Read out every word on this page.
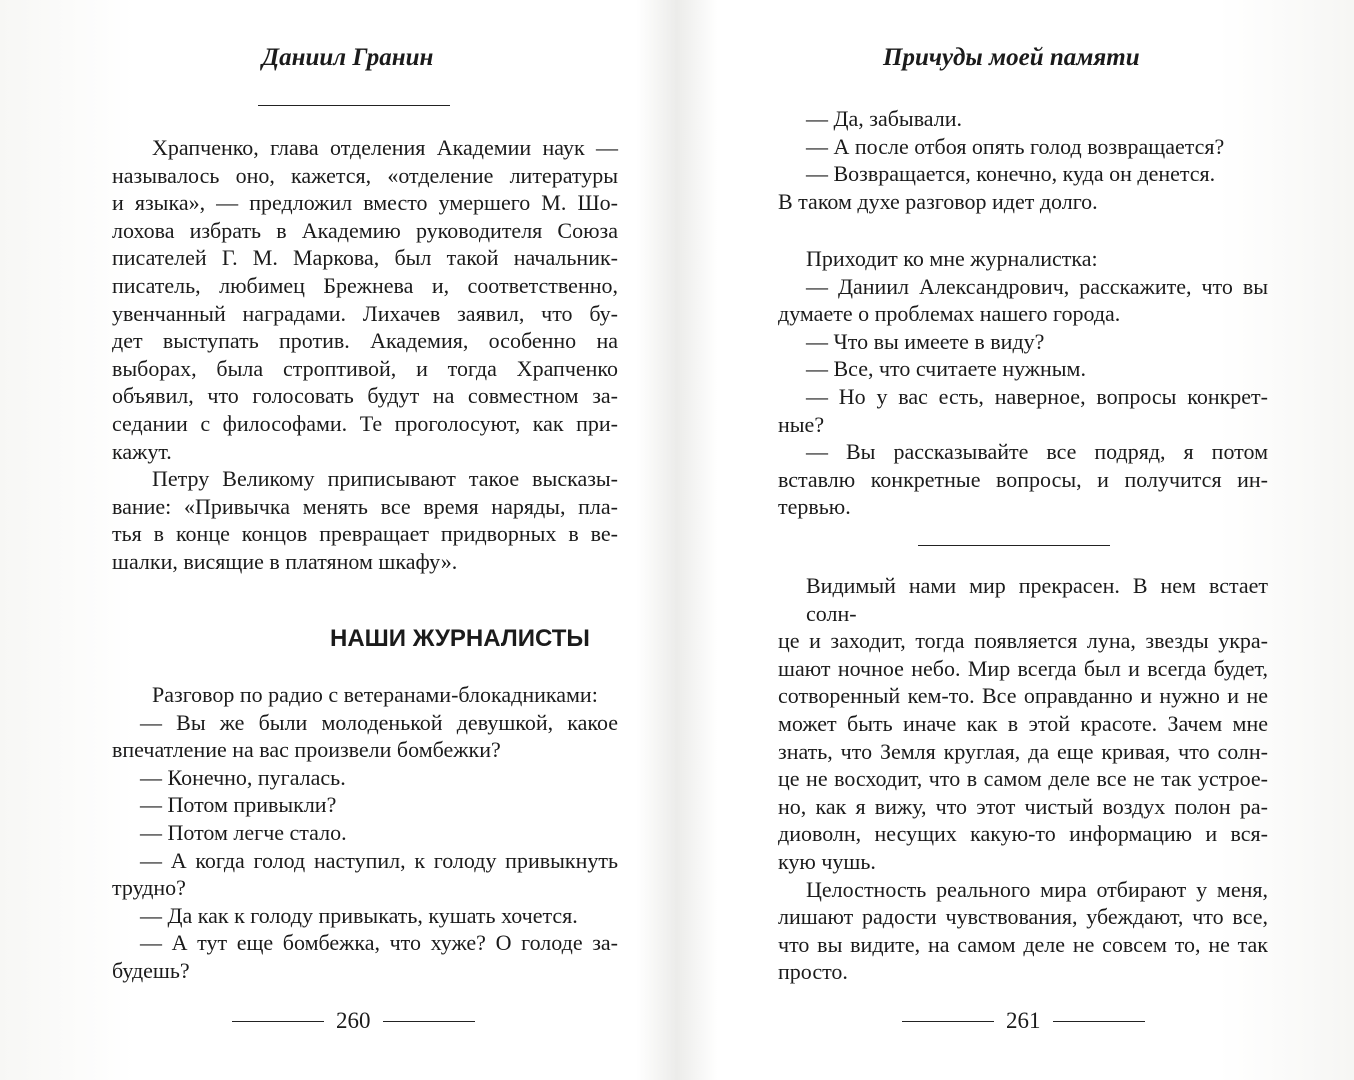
Даниил Гранин

Храпченко, глава отделения Академии наук —

называлось оно, кажется, «отделение литературы

и языка», — предложил вместо умершего М. Шо-

лохова избрать в Академию руководителя Союза

писателей Г. М. Маркова, был такой начальник-

писатель, любимец Брежнева и, соответственно,

увенчанный наградами. Лихачев заявил, что бу-

дет выступать против. Академия, особенно на

выборах, была строптивой, и тогда Храпченко

объявил, что голосовать будут на совместном за-

седании с философами. Те проголосуют, как при-

кажут.

Петру Великому приписывают такое высказы-

вание: «Привычка менять все время наряды, пла-

тья в конце концов превращает придворных в ве-

шалки, висящие в платяном шкафу».

НАШИ ЖУРНАЛИСТЫ

Разговор по радио с ветеранами-блокадниками:

— Вы же были молоденькой девушкой, какое

впечатление на вас произвели бомбежки?

— Конечно, пугалась.

— Потом привыкли?

— Потом легче стало.

— А когда голод наступил, к голоду привыкнуть

трудно?

— Да как к голоду привыкать, кушать хочется.

— А тут еще бомбежка, что хуже? О голоде за-

будешь?

260
Причуды моей памяти

— Да, забывали.

— А после отбоя опять голод возвращается?

— Возвращается, конечно, куда он денется.

В таком духе разговор идет долго.

Приходит ко мне журналистка:

— Даниил Александрович, расскажите, что вы

думаете о проблемах нашего города.

— Что вы имеете в виду?

— Все, что считаете нужным.

— Но у вас есть, наверное, вопросы конкрет-

ные?

— Вы рассказывайте все подряд, я потом

вставлю конкретные вопросы, и получится ин-

тервью.

Видимый нами мир прекрасен. В нем встает солн-

це и заходит, тогда появляется луна, звезды укра-

шают ночное небо. Мир всегда был и всегда будет,

сотворенный кем-то. Все оправданно и нужно и не

может быть иначе как в этой красоте. Зачем мне

знать, что Земля круглая, да еще кривая, что солн-

це не восходит, что в самом деле все не так устрое-

но, как я вижу, что этот чистый воздух полон ра-

диоволн, несущих какую-то информацию и вся-

кую чушь.

Целостность реального мира отбирают у меня,

лишают радости чувствования, убеждают, что все,

что вы видите, на самом деле не совсем то, не так

просто.

261
